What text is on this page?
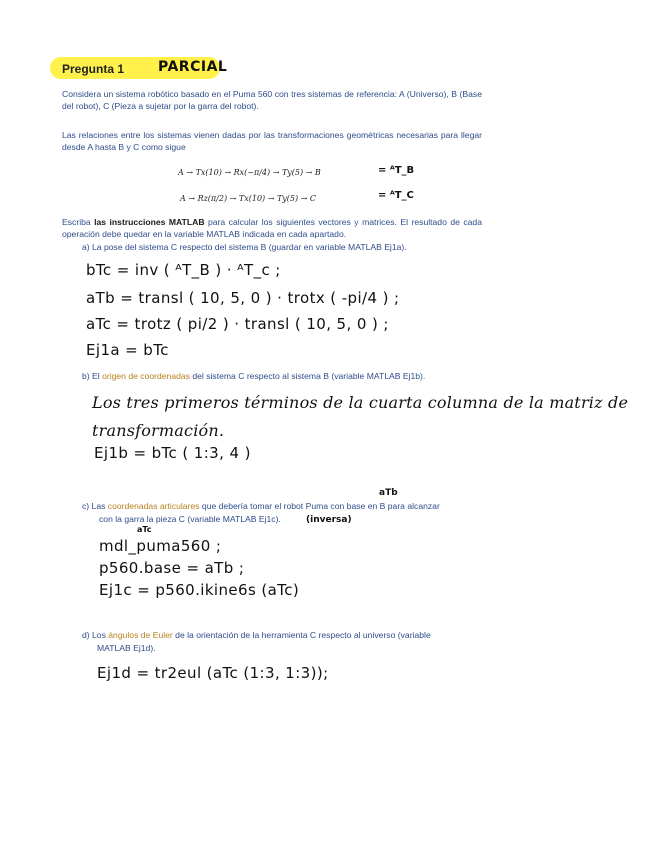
Pregunta 1 PARCIAL
Considera un sistema robótico basado en el Puma 560 con tres sistemas de referencia: A (Universo), B (Base del robot), C (Pieza a sujetar por la garra del robot).
Las relaciones entre los sistemas vienen dadas por las transformaciones geométricas necesarias para llegar desde A hasta B y C como sigue
A → Tx(10) → Rx(−π/4) → Ty(5) → B	= ᴬT_B
A → Rz(π/2) → Tx(10) → Ty(5) → C	= ᴬT_C
Escriba las instrucciones MATLAB para calcular los siguientes vectores y matrices. El resultado de cada operación debe quedar en la variable MATLAB indicada en cada apartado.
a) La pose del sistema C respecto del sistema B (guardar en variable MATLAB Ej1a).
bTc = inv ( ᴬT_B ) · ᴬT_c ;
aTb = transl ( 10, 5, 0 ) · trotx ( -pi/4 ) ;
aTc = trotz ( pi/2 ) · transl ( 10, 5, 0 ) ;
Ej1a = bTc
b) El origen de coordenadas del sistema C respecto al sistema B (variable MATLAB Ej1b).
Los tres primeros términos de la cuarta columna de la matriz de
transformación.
Ej1b = bTc ( 1:3, 4 )
aTb
c) Las coordenadas articulares que debería tomar el robot Puma con base en B para alcanzar
con la garra la pieza C (variable MATLAB Ej1c).	(inversa)
aTc
mdl_puma560 ;
p560.base = aTb ;
Ej1c = p560.ikine6s (aTc)
d) Los ángulos de Euler de la orientación de la herramienta C respecto al universo (variable
MATLAB Ej1d).
Ej1d = tr2eul (aTc (1:3, 1:3));
